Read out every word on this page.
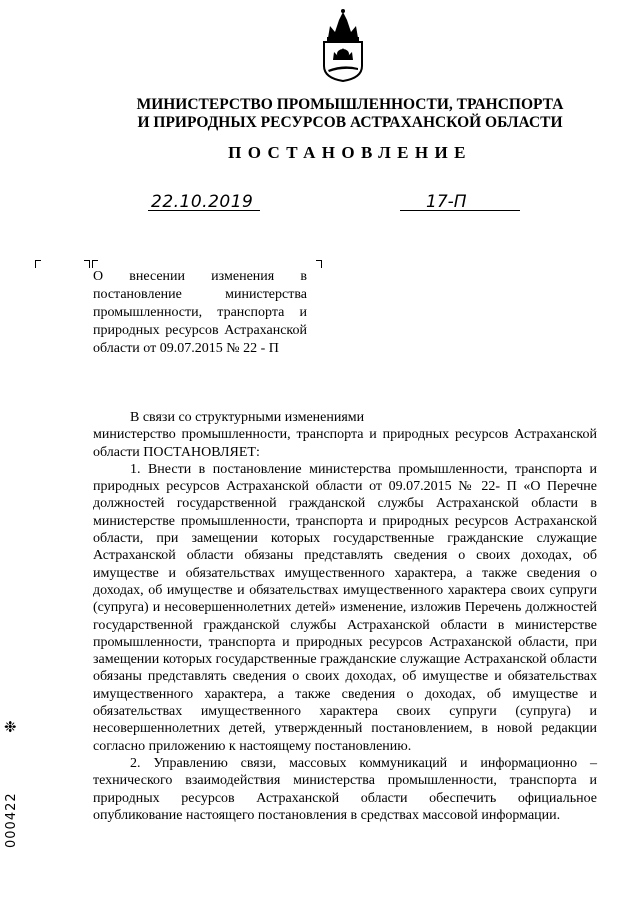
МИНИСТЕРСТВО ПРОМЫШЛЕННОСТИ, ТРАНСПОРТА
И ПРИРОДНЫХ РЕСУРСОВ АСТРАХАНСКОЙ ОБЛАСТИ
ПОСТАНОВЛЕНИЕ
22.10.2019	17-П
О внесении изменения в постановление министерства промышленности, транспорта и природных ресурсов Астраханской области от 09.07.2015 № 22 - П

В связи со структурными изменениями

министерство промышленности, транспорта и природных ресурсов Астраханской области ПОСТАНОВЛЯЕТ:

1. Внести в постановление министерства промышленности, транспорта и природных ресурсов Астраханской области от 09.07.2015 № 22- П «О Перечне должностей государственной гражданской службы Астраханской области в министерстве промышленности, транспорта и природных ресурсов Астраханской области, при замещении которых государственные гражданские служащие Астраханской области обязаны представлять сведения о своих доходах, об имуществе и обязательствах имущественного характера, а также сведения о доходах, об имуществе и обязательствах имущественного характера своих супруги (супруга) и несовершеннолетних детей» изменение, изложив Перечень должностей государственной гражданской службы Астраханской области в министерстве промышленности, транспорта и природных ресурсов Астраханской области, при замещении которых государственные гражданские служащие Астраханской области обязаны представлять сведения о своих доходах, об имуществе и обязательствах имущественного характера, а также сведения о доходах, об имуществе и обязательствах имущественного характера своих супруги (супруга) и несовершеннолетних детей, утвержденный постановлением, в новой редакции согласно приложению к настоящему постановлению.

2. Управлению связи, массовых коммуникаций и информационно – технического взаимодействия министерства промышленности, транспорта и природных ресурсов Астраханской области обеспечить официальное опубликование настоящего постановления в средствах массовой информации.

❉
000422
